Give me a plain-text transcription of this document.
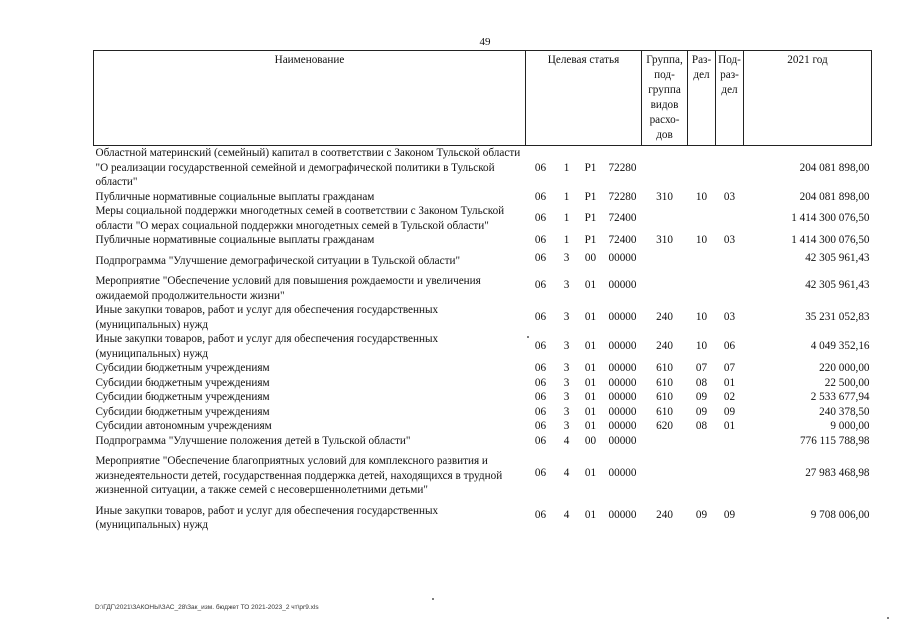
49
Наименование	Целевая статья				Группа, под- группа видов расхо- дов	Раз- дел	Под- раз- дел	2021 год
Областной материнский (семейный) капитал в соответствии с Законом Тульской области "О реализации государственной семейной и демографической политики в Тульской области"	06	1	P1	72280				204 081 898,00
Публичные нормативные социальные выплаты гражданам	06	1	P1	72280	310	10	03	204 081 898,00
Меры социальной поддержки многодетных семей в соответствии с Законом Тульской области "О мерах социальной поддержки многодетных семей в Тульской области"	06	1	P1	72400				1 414 300 076,50
Публичные нормативные социальные выплаты гражданам	06	1	P1	72400	310	10	03	1 414 300 076,50
Подпрограмма "Улучшение демографической ситуации в Тульской области"	06	3	00	00000				42 305 961,43
Мероприятие "Обеспечение условий для повышения рождаемости и увеличения ожидаемой продолжительности жизни"	06	3	01	00000				42 305 961,43
Иные закупки товаров, работ и услуг для обеспечения государственных (муниципальных) нужд	06	3	01	00000	240	10	03	35 231 052,83
Иные закупки товаров, работ и услуг для обеспечения государственных (муниципальных) нужд	06	3	01	00000	240	10	06	4 049 352,16
Субсидии бюджетным учреждениям	06	3	01	00000	610	07	07	220 000,00
Субсидии бюджетным учреждениям	06	3	01	00000	610	08	01	22 500,00
Субсидии бюджетным учреждениям	06	3	01	00000	610	09	02	2 533 677,94
Субсидии бюджетным учреждениям	06	3	01	00000	610	09	09	240 378,50
Субсидии автономным учреждениям	06	3	01	00000	620	08	01	9 000,00
Подпрограмма "Улучшение положения детей в Тульской области"	06	4	00	00000				776 115 788,98
Мероприятие "Обеспечение благоприятных условий для комплексного развития и жизнедеятельности детей, государственная поддержка детей, находящихся в трудной жизненной ситуации, а также семей с несовершеннолетними детьми"	06	4	01	00000				27 983 468,98
Иные закупки товаров, работ и услуг для обеспечения государственных (муниципальных) нужд	06	4	01	00000	240	09	09	9 708 006,00
D:\ГДГ\2021\ЗАКОНЫ\ЗАС_28\Зак_изм. бюджет ТО 2021-2023_2 чт\pr9.xls
